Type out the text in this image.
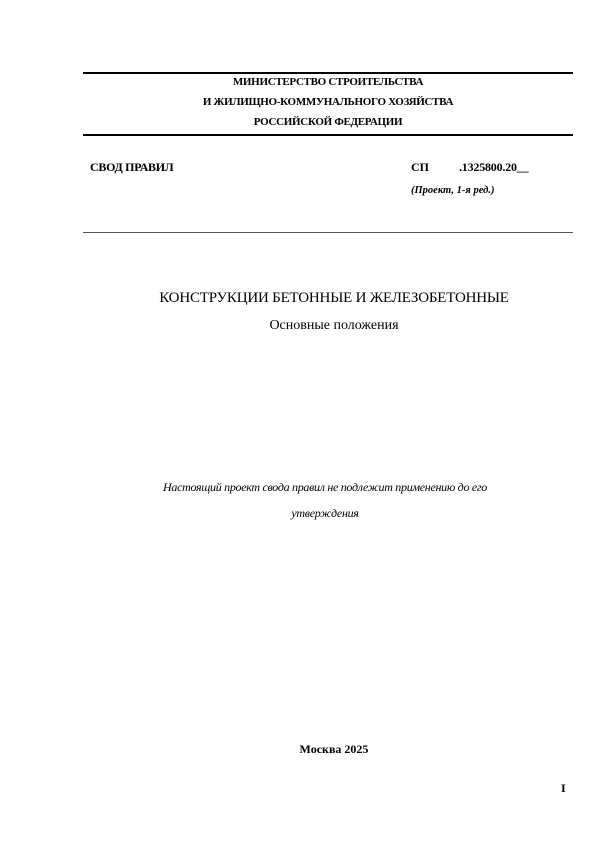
МИНИСТЕРСТВО СТРОИТЕЛЬСТВА
И ЖИЛИЩНО-КОММУНАЛЬНОГО ХОЗЯЙСТВА
РОССИЙСКОЙ ФЕДЕРАЦИИ
СВОД ПРАВИЛ	СП	.1325800.20__
(Проект, 1-я ред.)
КОНСТРУКЦИИ БЕТОННЫЕ И ЖЕЛЕЗОБЕТОННЫЕ
Основные положения
Настоящий проект свода правил не подлежит применению до его
утверждения
Москва 2025
I
